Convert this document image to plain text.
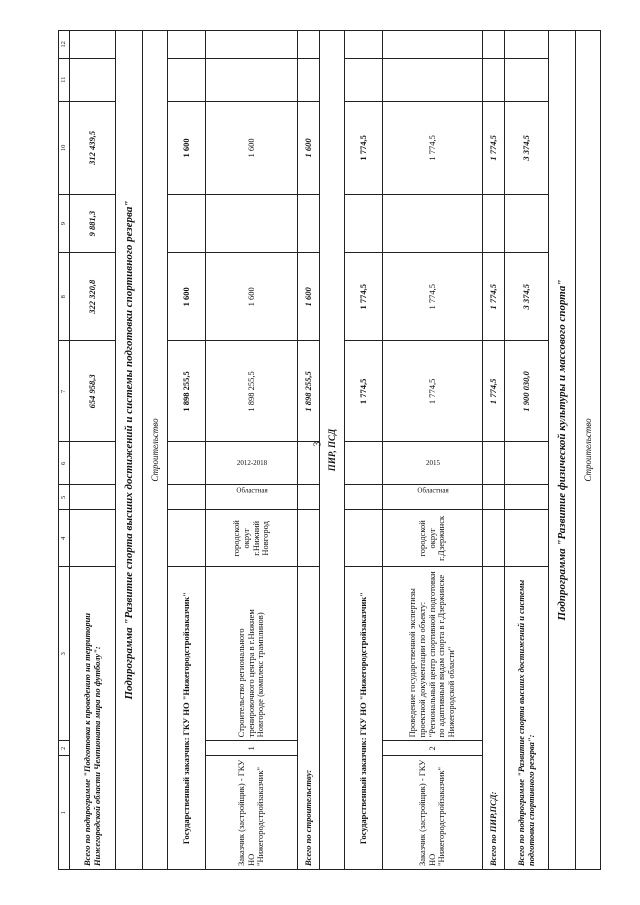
3
1	2	3	4	5	6	7	8	9	10	11	12
Всего по подпрограмме "Подготовка к проведению на территории Нижегородской области Чемпионата мира по футболу":						654 958,3	322 320,8	9 881,3	312 439,5		
Подпрограмма "Развитие спорта высших достижений и системы подготовки спортивного резерва"											
Строительство											
Государственный заказчик: ГКУ НО "Нижегородстройзаказчик"						1 898 255,5	1 600		1 600		
Заказчик (застройщик) - ГКУ НО "Нижегородстройзаказчик"	1	Строительство регионального тренировочного центра в г.Нижнем Новгороде (комплекс трамплинов)	городской округ г.Нижний Новгород	Областная	2012-2018	1 898 255,5	1 600		1 600		
Всего по строительству:						1 898 255,5	1 600		1 600		
ПИР, ПСД											
Государственный заказчик: ГКУ НО "Нижегородстройзаказчик"						1 774,5	1 774,5		1 774,5		
Заказчик (застройщик) - ГКУ НО "Нижегородстройзаказчик"	2	Проведение государственной экспертизы проектной документации по объекту: "Региональный центр спортивной подготовки по адаптивным видам спорта в г.Дзержинске Нижегородской области"	городской округ г.Дзержинск	Областная	2015	1 774,5	1 774,5		1 774,5		
Всего по ПИР,ПСД:						1 774,5	1 774,5		1 774,5		
Всего по подпрограмме "Развитие спорта высших достижений и системы подготовки спортивного резерва":						1 900 030,0	3 374,5		3 374,5		
Подпрограмма "Развитие физической культуры и массового спорта"											
Строительство											
